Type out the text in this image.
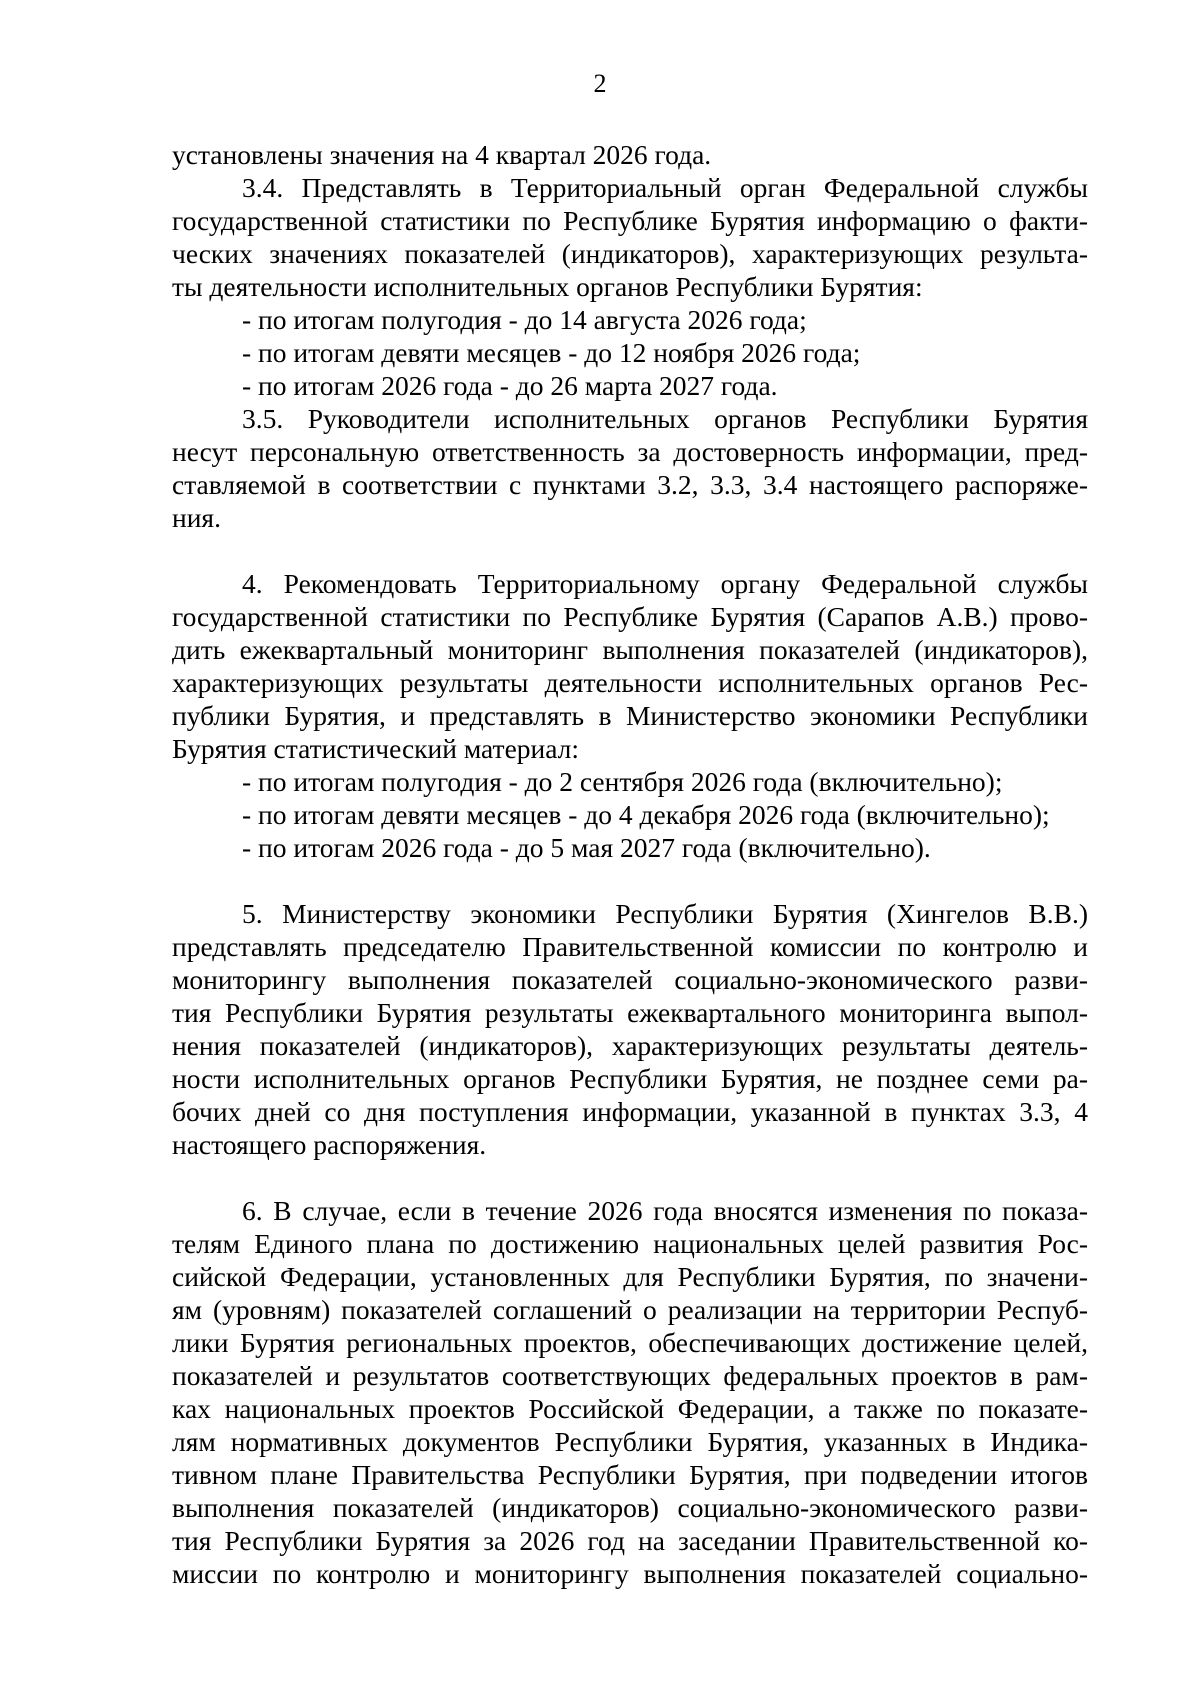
2
установлены значения на 4 квартал 2026 года.
3.4. Представлять в Территориальный орган Федеральной службы
государственной статистики по Республике Бурятия информацию о факти-
ческих значениях показателей (индикаторов), характеризующих результа-
ты деятельности исполнительных органов Республики Бурятия:
- по итогам полугодия - до 14 августа 2026 года;
- по итогам девяти месяцев - до 12 ноября 2026 года;
- по итогам 2026 года - до 26 марта 2027 года.
3.5. Руководители исполнительных органов Республики Бурятия
несут персональную ответственность за достоверность информации, пред-
ставляемой в соответствии с пунктами 3.2, 3.3, 3.4 настоящего распоряже-
ния.
4. Рекомендовать Территориальному органу Федеральной службы
государственной статистики по Республике Бурятия (Сарапов А.В.) прово-
дить ежеквартальный мониторинг выполнения показателей (индикаторов),
характеризующих результаты деятельности исполнительных органов Рес-
публики Бурятия, и представлять в Министерство экономики Республики
Бурятия статистический материал:
- по итогам полугодия - до 2 сентября 2026 года (включительно);
- по итогам девяти месяцев - до 4 декабря 2026 года (включительно);
- по итогам 2026 года - до 5 мая 2027 года (включительно).
5. Министерству экономики Республики Бурятия (Хингелов В.В.)
представлять председателю Правительственной комиссии по контролю и
мониторингу выполнения показателей социально-экономического разви-
тия Республики Бурятия результаты ежеквартального мониторинга выпол-
нения показателей (индикаторов), характеризующих результаты деятель-
ности исполнительных органов Республики Бурятия, не позднее семи ра-
бочих дней со дня поступления информации, указанной в пунктах 3.3, 4
настоящего распоряжения.
6. В случае, если в течение 2026 года вносятся изменения по показа-
телям Единого плана по достижению национальных целей развития Рос-
сийской Федерации, установленных для Республики Бурятия, по значени-
ям (уровням) показателей соглашений о реализации на территории Респуб-
лики Бурятия региональных проектов, обеспечивающих достижение целей,
показателей и результатов соответствующих федеральных проектов в рам-
ках национальных проектов Российской Федерации, а также по показате-
лям нормативных документов Республики Бурятия, указанных в Индика-
тивном плане Правительства Республики Бурятия, при подведении итогов
выполнения показателей (индикаторов) социально-экономического разви-
тия Республики Бурятия за 2026 год на заседании Правительственной ко-
миссии по контролю и мониторингу выполнения показателей социально-
